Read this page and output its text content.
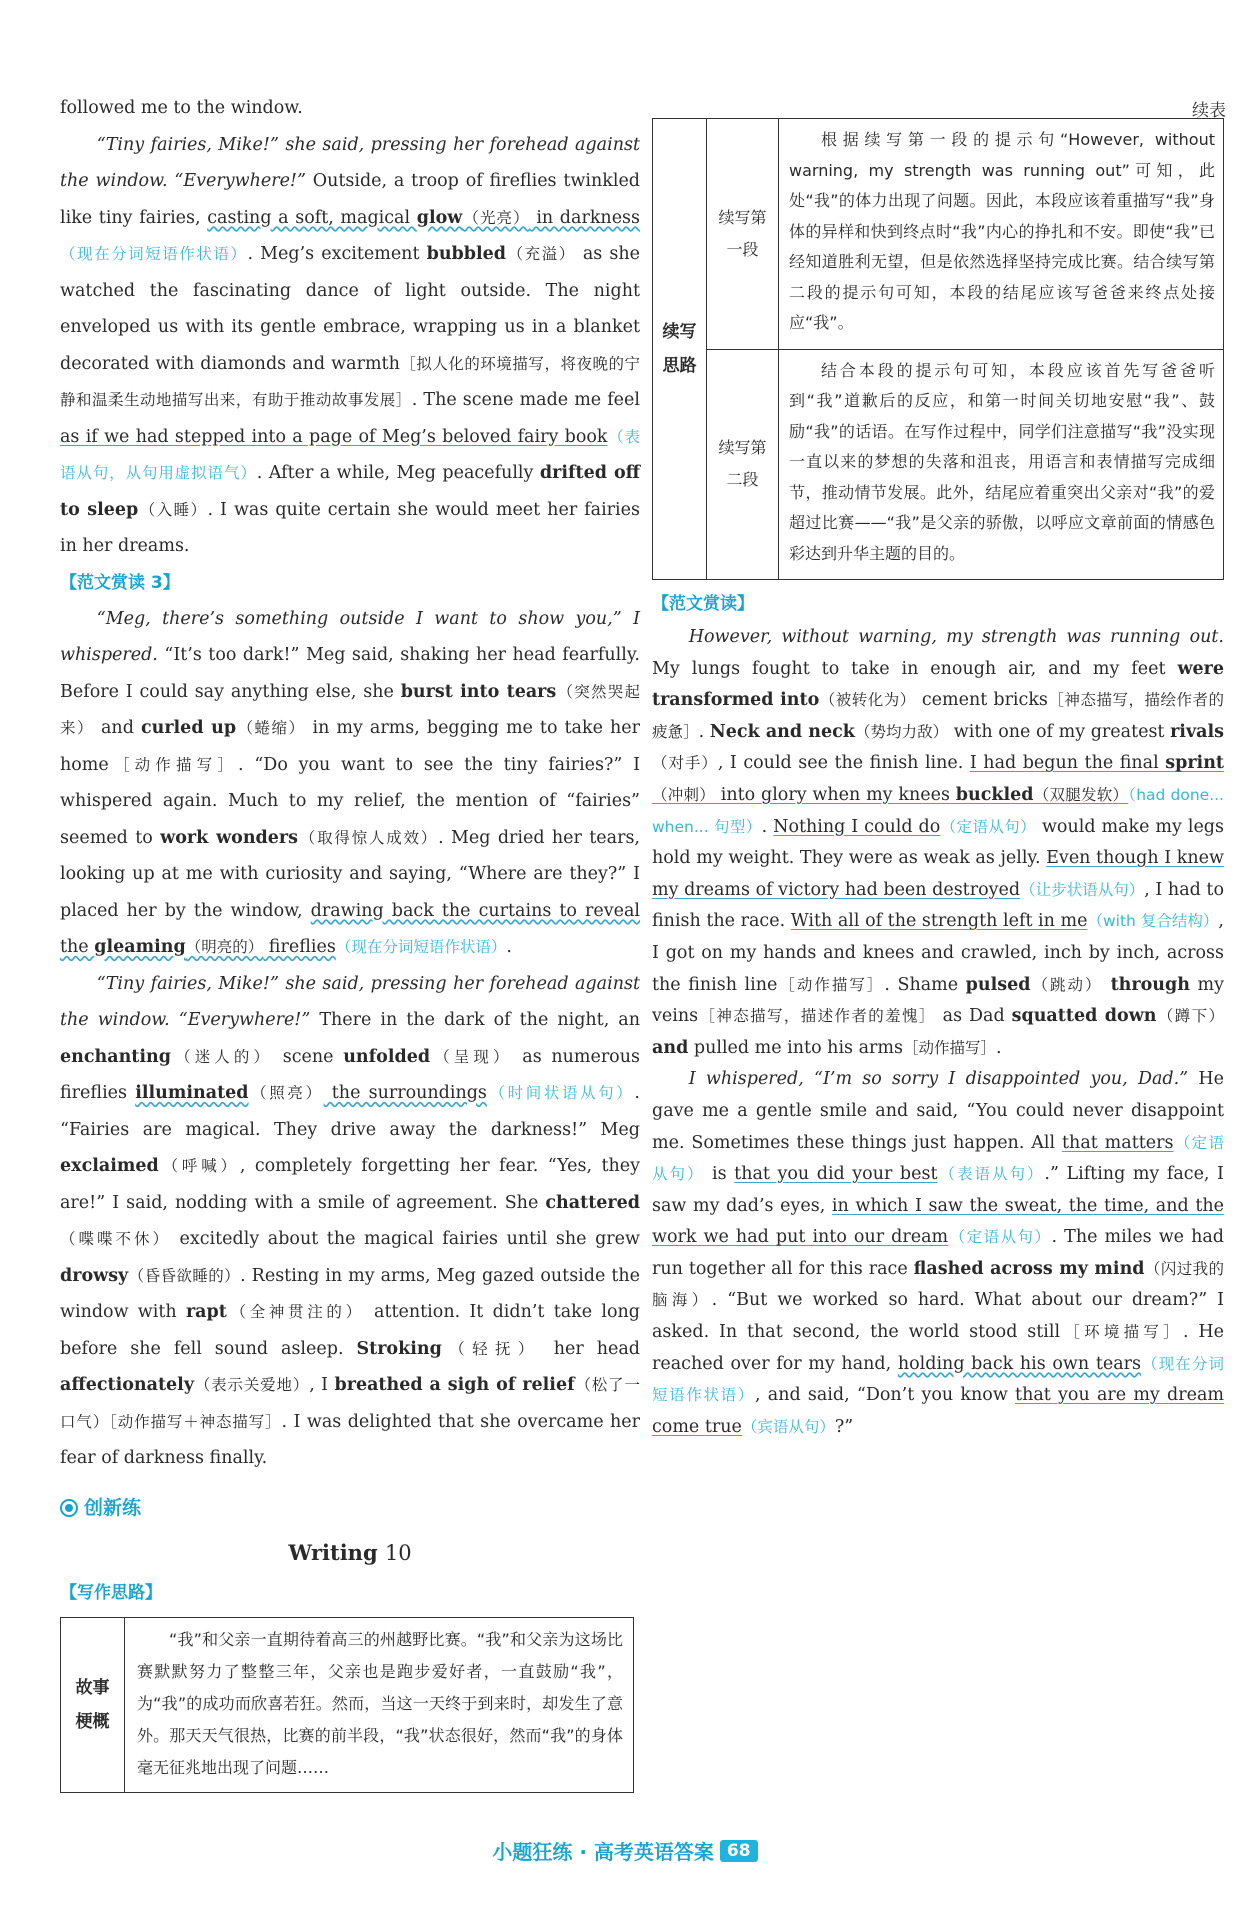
followed me to the window.
“Tiny fairies, Mike!” she said, pressing her forehead against the window. “Everywhere!” Outside, a troop of fireflies twinkled like tiny fairies, casting a soft, magical glow（光亮） in darkness（现在分词短语作状语）. Meg’s excitement bubbled（充溢） as she watched the fascinating dance of light outside. The night enveloped us with its gentle embrace, wrapping us in a blanket decorated with diamonds and warmth［拟人化的环境描写，将夜晚的宁静和温柔生动地描写出来，有助于推动故事发展］. The scene made me feel as if we had stepped into a page of Meg’s beloved fairy book（表语从句，从句用虚拟语气）. After a while, Meg peacefully drifted off to sleep（入睡）. I was quite certain she would meet her fairies in her dreams.
【范文赏读 3】
“Meg, there’s something outside I want to show you,” I whispered. “It’s too dark!” Meg said, shaking her head fearfully. Before I could say anything else, she burst into tears（突然哭起来） and curled up（蜷缩） in my arms, begging me to take her home［动作描写］. “Do you want to see the tiny fairies?” I whispered again. Much to my relief, the mention of “fairies” seemed to work wonders（取得惊人成效）. Meg dried her tears, looking up at me with curiosity and saying, “Where are they?” I placed her by the window, drawing back the curtains to reveal the gleaming（明亮的） fireflies（现在分词短语作状语）.
“Tiny fairies, Mike!” she said, pressing her forehead against the window. “Everywhere!” There in the dark of the night, an enchanting（迷人的） scene unfolded（呈现） as numerous fireflies illuminated（照亮） the surroundings（时间状语从句）. “Fairies are magical. They drive away the darkness!” Meg exclaimed（呼喊）, completely forgetting her fear. “Yes, they are!” I said, nodding with a smile of agreement. She chattered（喋喋不休） excitedly about the magical fairies until she grew drowsy（昏昏欲睡的）. Resting in my arms, Meg gazed outside the window with rapt（全神贯注的） attention. It didn’t take long before she fell sound asleep. Stroking（轻抚） her head affectionately（表示关爱地）, I breathed a sigh of relief（松了一口气）［动作描写＋神态描写］. I was delighted that she overcame her fear of darkness finally.
创新练
Writing 10
【写作思路】
故事梗概
“我”和父亲一直期待着高三的州越野比赛。“我”和父亲为这场比赛默默努力了整整三年，父亲也是跑步爱好者，一直鼓励“我”，为“我”的成功而欣喜若狂。然而，当这一天终于到来时，却发生了意外。那天天气很热，比赛的前半段，“我”状态很好，然而“我”的身体毫无征兆地出现了问题……
续表
续写思路
续写第一段
根据续写第一段的提示句“However, without warning, my strength was running out”可知，此处“我”的体力出现了问题。因此，本段应该着重描写“我”身体的异样和快到终点时“我”内心的挣扎和不安。即使“我”已经知道胜利无望，但是依然选择坚持完成比赛。结合续写第二段的提示句可知，本段的结尾应该写爸爸来终点处接应“我”。
续写第二段
结合本段的提示句可知，本段应该首先写爸爸听到“我”道歉后的反应，和第一时间关切地安慰“我”、鼓励“我”的话语。在写作过程中，同学们注意描写“我”没实现一直以来的梦想的失落和沮丧，用语言和表情描写完成细节，推动情节发展。此外，结尾应着重突出父亲对“我”的爱超过比赛——“我”是父亲的骄傲，以呼应文章前面的情感色彩达到升华主题的目的。
【范文赏读】
However, without warning, my strength was running out. My lungs fought to take in enough air, and my feet were transformed into（被转化为） cement bricks［神态描写，描绘作者的疲惫］. Neck and neck（势均力敌） with one of my greatest rivals（对手）, I could see the finish line. I had begun the final sprint（冲刺） into glory when my knees buckled（双腿发软）（had done... when... 句型）. Nothing I could do（定语从句） would make my legs hold my weight. They were as weak as jelly. Even though I knew my dreams of victory had been destroyed（让步状语从句）, I had to finish the race. With all of the strength left in me（with 复合结构）, I got on my hands and knees and crawled, inch by inch, across the finish line［动作描写］. Shame pulsed（跳动） through my veins［神态描写，描述作者的羞愧］ as Dad squatted down（蹲下） and pulled me into his arms［动作描写］.
I whispered, “I’m so sorry I disappointed you, Dad.” He gave me a gentle smile and said, “You could never disappoint me. Sometimes these things just happen. All that matters（定语从句） is that you did your best（表语从句）.” Lifting my face, I saw my dad’s eyes, in which I saw the sweat, the time, and the work we had put into our dream（定语从句）. The miles we had run together all for this race flashed across my mind（闪过我的脑海）. “But we worked so hard. What about our dream?” I asked. In that second, the world stood still［环境描写］. He reached over for my hand, holding back his own tears（现在分词短语作状语）, and said, “Don’t you know that you are my dream come true（宾语从句）?”
小题狂练 · 高考英语答案 68
